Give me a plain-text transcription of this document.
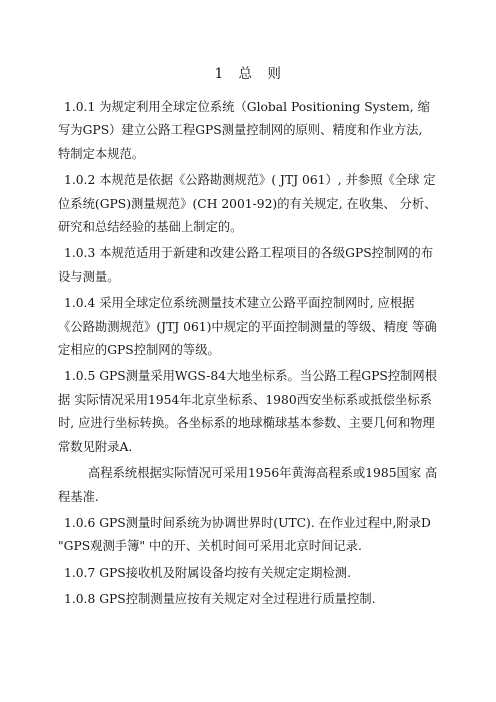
1 总 则

1.0.1 为规定利用全球定位系统（Global Positioning System, 缩 写为GPS）建立公路工程GPS测量控制网的原则、精度和作业方法, 特制定本规范。

1.0.2 本规范是依据《公路勘测规范》( JTJ 061）, 并参照《全球 定位系统(GPS)测量规范》(CH 2001-92)的有关规定, 在收集、 分析、研究和总结经验的基础上制定的。

1.0.3 本规范适用于新建和改建公路工程项目的各级GPS控制网的布 设与测量。

1.0.4 采用全球定位系统测量技术建立公路平面控制网时, 应根据《公路勘测规范》(JTJ 061)中规定的平面控制测量的等级、精度 等确定相应的GPS控制网的等级。

1.0.5 GPS测量采用WGS-84大地坐标系。当公路工程GPS控制网根据 实际情况采用1954年北京坐标系、1980西安坐标系或抵偿坐标系时, 应进行坐标转换。各坐标系的地球椭球基本参数、主要几何和物理 常数见附录A.

高程系统根据实际情况可采用1956年黄海高程系或1985国家 高程基准.

1.0.6 GPS测量时间系统为协调世界时(UTC). 在作业过程中,附录D "GPS观测手簿" 中的开、关机时间可采用北京时间记录.

1.0.7 GPS接收机及附属设备均按有关规定定期检测.

1.0.8 GPS控制测量应按有关规定对全过程进行质量控制.
